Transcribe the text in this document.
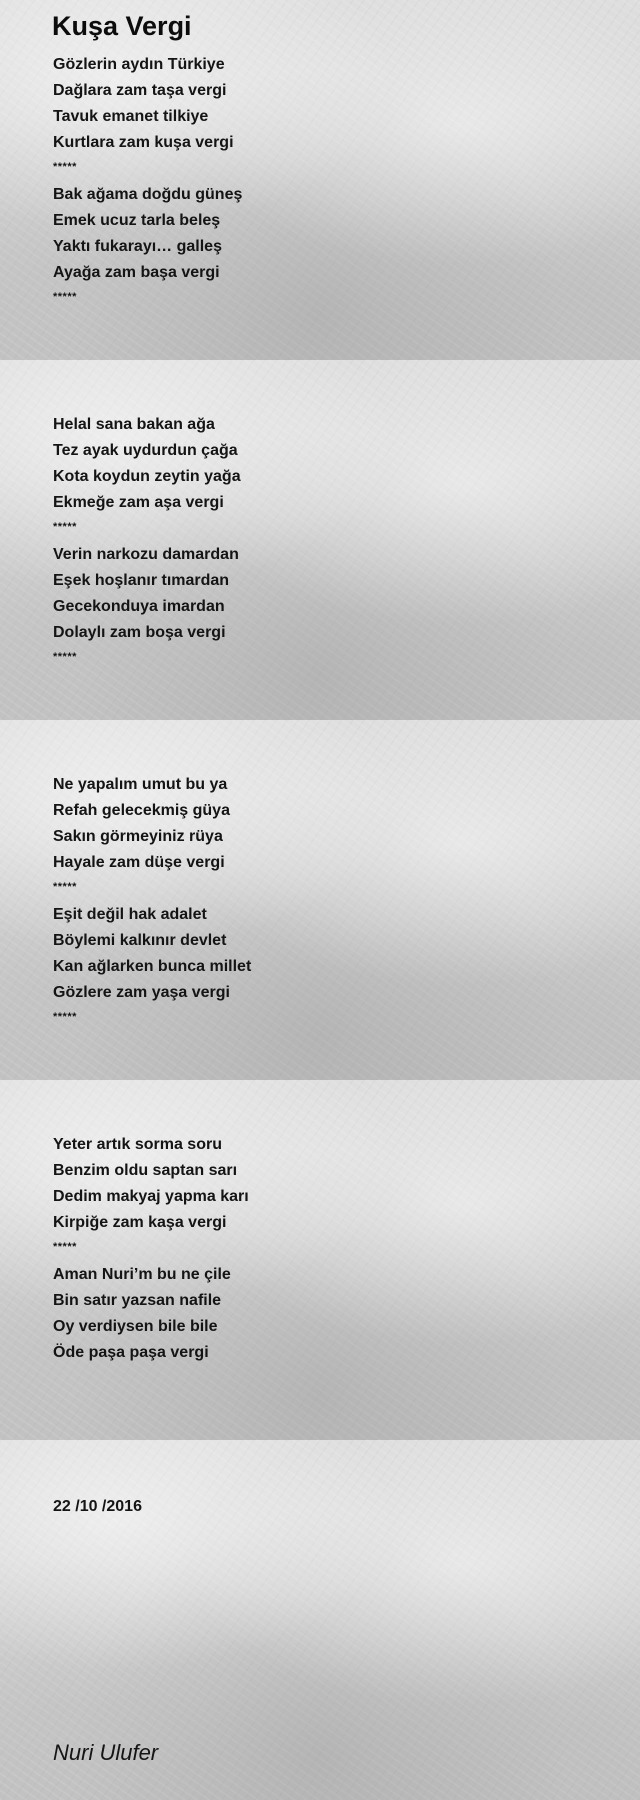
Kuşa Vergi
Gözlerin aydın Türkiye
Dağlara zam taşa vergi
Tavuk emanet tilkiye
Kurtlara zam kuşa vergi
*****
Bak ağama doğdu güneş
Emek ucuz tarla beleş
Yaktı fukarayı… galleş
Ayağa zam başa vergi
*****
Helal sana bakan ağa
Tez ayak uydurdun çağa
Kota koydun zeytin yağa
Ekmeğe zam aşa vergi
*****
Verin narkozu damardan
Eşek hoşlanır tımardan
Gecekonduya imardan
Dolaylı zam boşa vergi
*****
Ne yapalım umut bu ya
Refah gelecekmiş güya
Sakın görmeyiniz rüya
Hayale zam düşe vergi
*****
Eşit değil hak adalet
Böylemi kalkınır devlet
Kan ağlarken bunca millet
Gözlere zam yaşa vergi
*****
Yeter artık sorma soru
Benzim oldu saptan sarı
Dedim makyaj yapma karı
Kirpiğe zam kaşa vergi
*****
Aman Nuri’m bu ne çile
Bin satır yazsan nafile
Oy verdiysen bile bile
Öde paşa paşa vergi
22 /10 /2016
Nuri Ulufer
